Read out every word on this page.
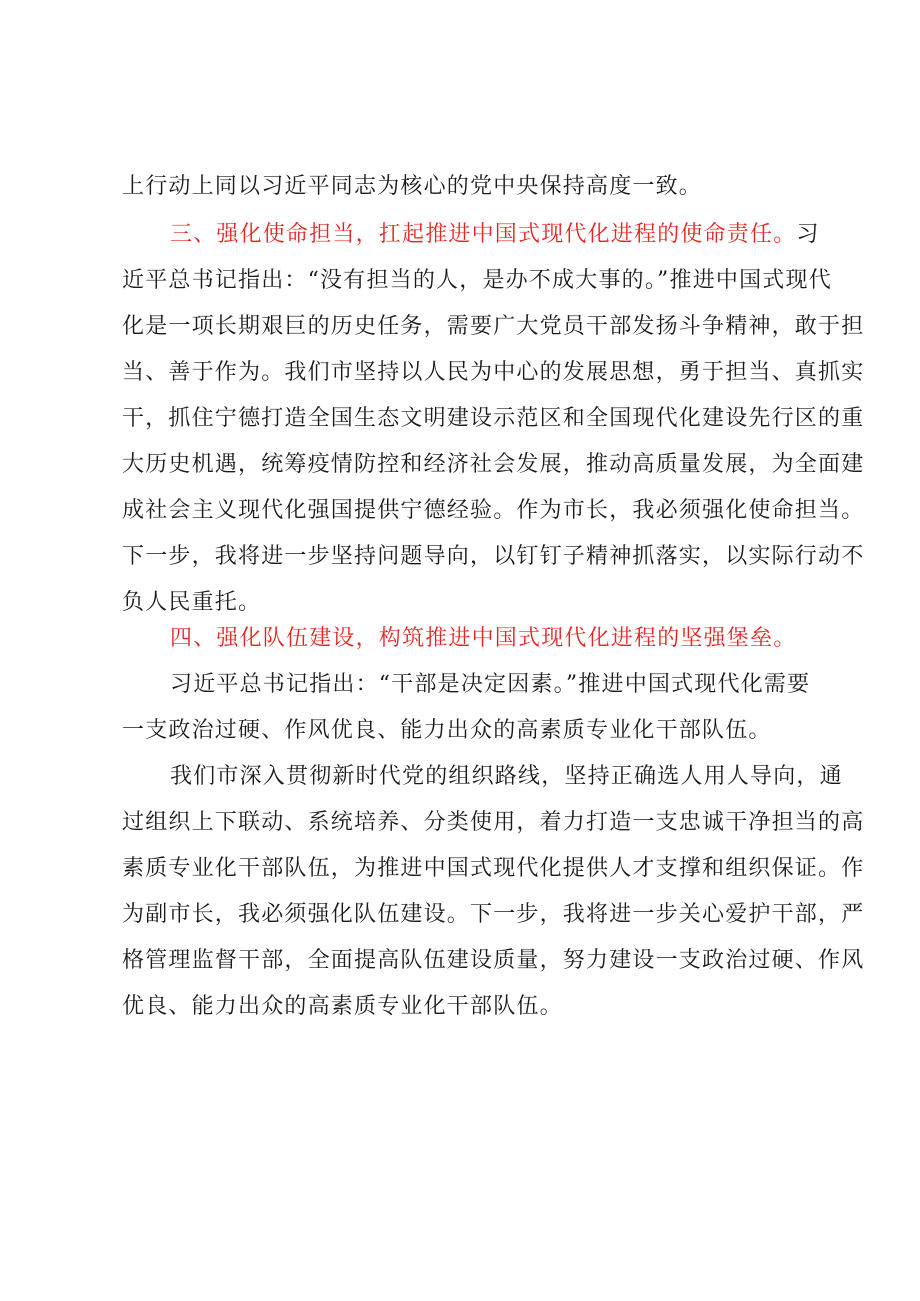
上行动上同以习近平同志为核心的党中央保持高度一致。
三、强化使命担当，扛起推进中国式现代化进程的使命责任。习
近平总书记指出：“没有担当的人，是办不成大事的。”推进中国式现代
化是一项长期艰巨的历史任务，需要广大党员干部发扬斗争精神，敢于担
当、善于作为。我们市坚持以人民为中心的发展思想，勇于担当、真抓实
干，抓住宁德打造全国生态文明建设示范区和全国现代化建设先行区的重
大历史机遇，统筹疫情防控和经济社会发展，推动高质量发展，为全面建
成社会主义现代化强国提供宁德经验。作为市长，我必须强化使命担当。
下一步，我将进一步坚持问题导向，以钉钉子精神抓落实，以实际行动不
负人民重托。
四、强化队伍建设，构筑推进中国式现代化进程的坚强堡垒。
习近平总书记指出：“干部是决定因素。”推进中国式现代化需要
一支政治过硬、作风优良、能力出众的高素质专业化干部队伍。
我们市深入贯彻新时代党的组织路线，坚持正确选人用人导向，通
过组织上下联动、系统培养、分类使用，着力打造一支忠诚干净担当的高
素质专业化干部队伍，为推进中国式现代化提供人才支撑和组织保证。作
为副市长，我必须强化队伍建设。下一步，我将进一步关心爱护干部，严
格管理监督干部，全面提高队伍建设质量，努力建设一支政治过硬、作风
优良、能力出众的高素质专业化干部队伍。
